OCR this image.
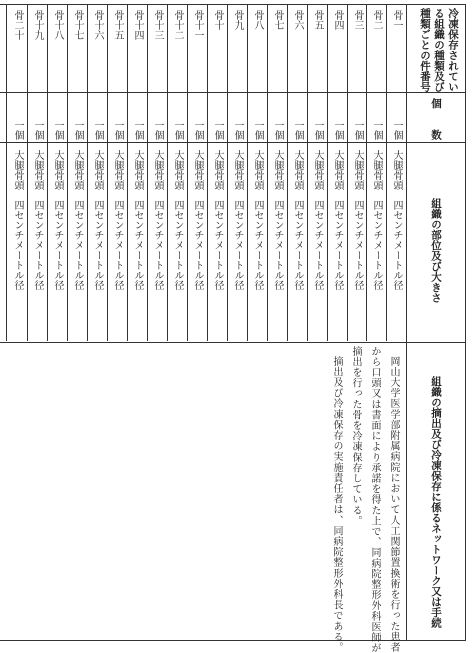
冷凍保存されてい
る組織の種類及び
種類ごとの件番号
個　　数
組織の部位及び大きさ
組織の摘出及び冷凍保存に係るネットワーク又は手続
骨一
一個
大腿骨頭
四センチメートル径
骨二
一個
大腿骨頭
四センチメートル径
骨三
一個
大腿骨頭
四センチメートル径
骨四
一個
大腿骨頭
四センチメートル径
骨五
一個
大腿骨頭
四センチメートル径
骨六
一個
大腿骨頭
四センチメートル径
骨七
一個
大腿骨頭
四センチメートル径
骨八
一個
大腿骨頭
四センチメートル径
骨九
一個
大腿骨頭
四センチメートル径
骨十
一個
大腿骨頭
四センチメートル径
骨十一
一個
大腿骨頭
四センチメートル径
骨十二
一個
大腿骨頭
四センチメートル径
骨十三
一個
大腿骨頭
四センチメートル径
骨十四
一個
大腿骨頭
四センチメートル径
骨十五
一個
大腿骨頭
四センチメートル径
骨十六
一個
大腿骨頭
四センチメートル径
骨十七
一個
大腿骨頭
四センチメートル径
骨十八
一個
大腿骨頭
四センチメートル径
骨十九
一個
大腿骨頭
四センチメートル径
骨二十
一個
大腿骨頭
四センチメートル径
岡山大学医学部附属病院において人工関節置換術を行った患者
から口頭又は書面により承諾を得た上で、同病院整形外科医師が
摘出を行った骨を冷凍保存している。
摘出及び冷凍保存の実施責任者は、同病院整形外科長である。
